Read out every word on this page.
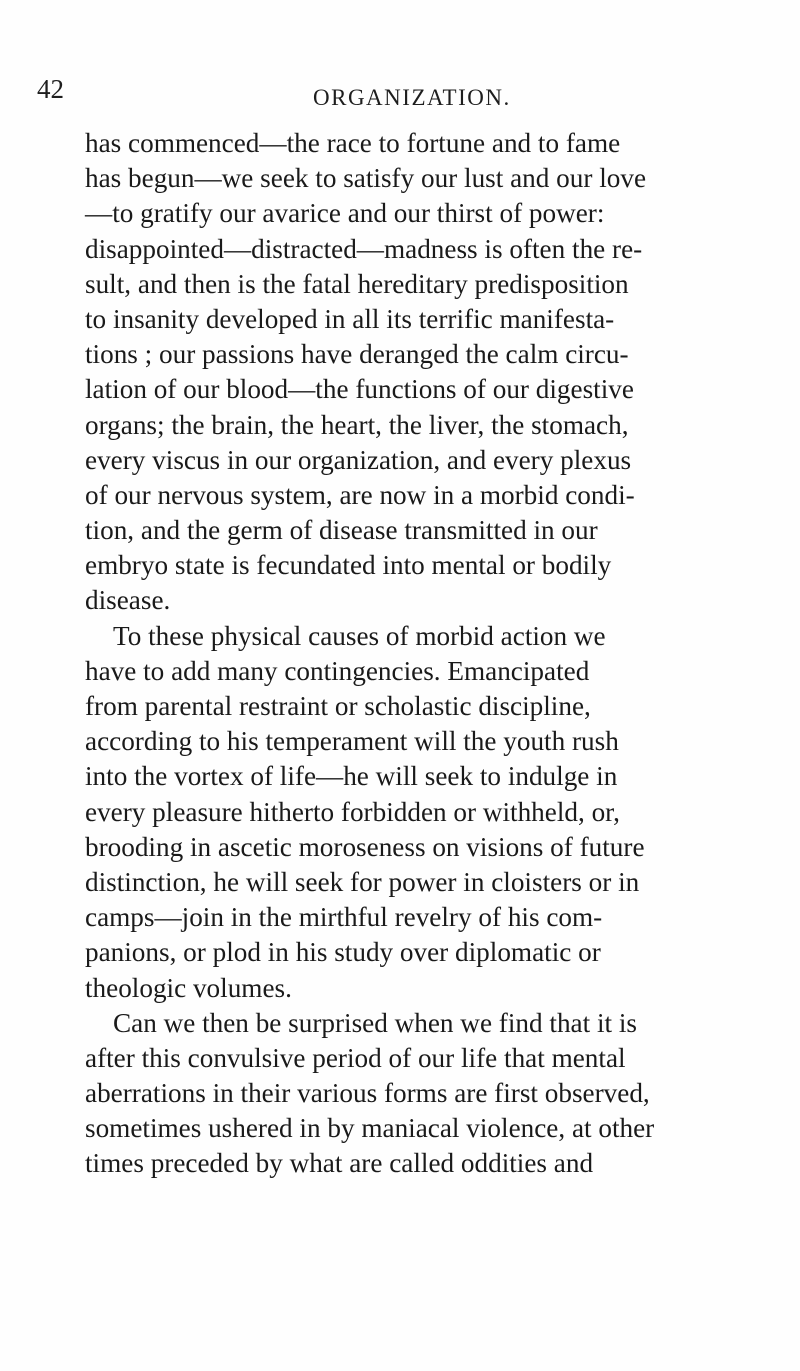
42	ORGANIZATION.
has commenced—the race to fortune and to fame
has begun—we seek to satisfy our lust and our love
—to gratify our avarice and our thirst of power:
disappointed—distracted—madness is often the re-
sult, and then is the fatal hereditary predisposition
to insanity developed in all its terrific manifesta-
tions ; our passions have deranged the calm circu-
lation of our blood—the functions of our digestive
organs; the brain, the heart, the liver, the stomach,
every viscus in our organization, and every plexus
of our nervous system, are now in a morbid condi-
tion, and the germ of disease transmitted in our
embryo state is fecundated into mental or bodily
disease.
To these physical causes of morbid action we
have to add many contingencies. Emancipated
from parental restraint or scholastic discipline,
according to his temperament will the youth rush
into the vortex of life—he will seek to indulge in
every pleasure hitherto forbidden or withheld, or,
brooding in ascetic moroseness on visions of future
distinction, he will seek for power in cloisters or in
camps—join in the mirthful revelry of his com-
panions, or plod in his study over diplomatic or
theologic volumes.
Can we then be surprised when we find that it is
after this convulsive period of our life that mental
aberrations in their various forms are first observed,
sometimes ushered in by maniacal violence, at other
times preceded by what are called oddities and
